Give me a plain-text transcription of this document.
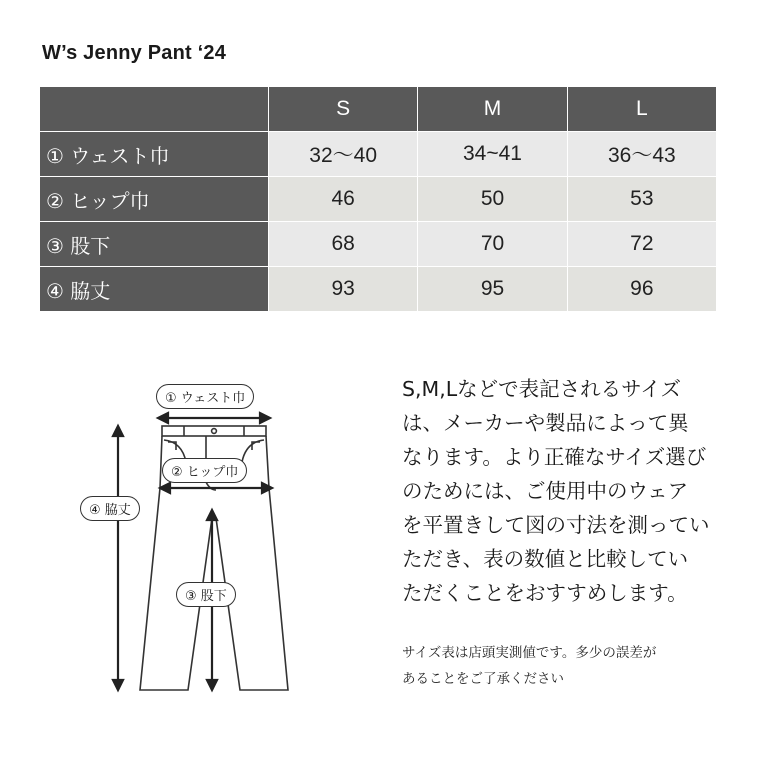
W’s Jenny Pant ‘24
	S	M	L
① ウェスト巾	32〜40	34~41	36〜43
② ヒップ巾	46	50	53
③ 股下	68	70	72
④ 脇丈	93	95	96
① ウェスト巾
② ヒップ巾
④ 脇丈
③ 股下
S,M,Lなどで表記されるサイズ
は、メーカーや製品によって異
なります。より正確なサイズ選び
のためには、ご使用中のウェア
を平置きして図の寸法を測ってい
ただき、表の数値と比較してい
ただくことをおすすめします。
サイズ表は店頭実測値です。多少の誤差が
あることをご了承ください
